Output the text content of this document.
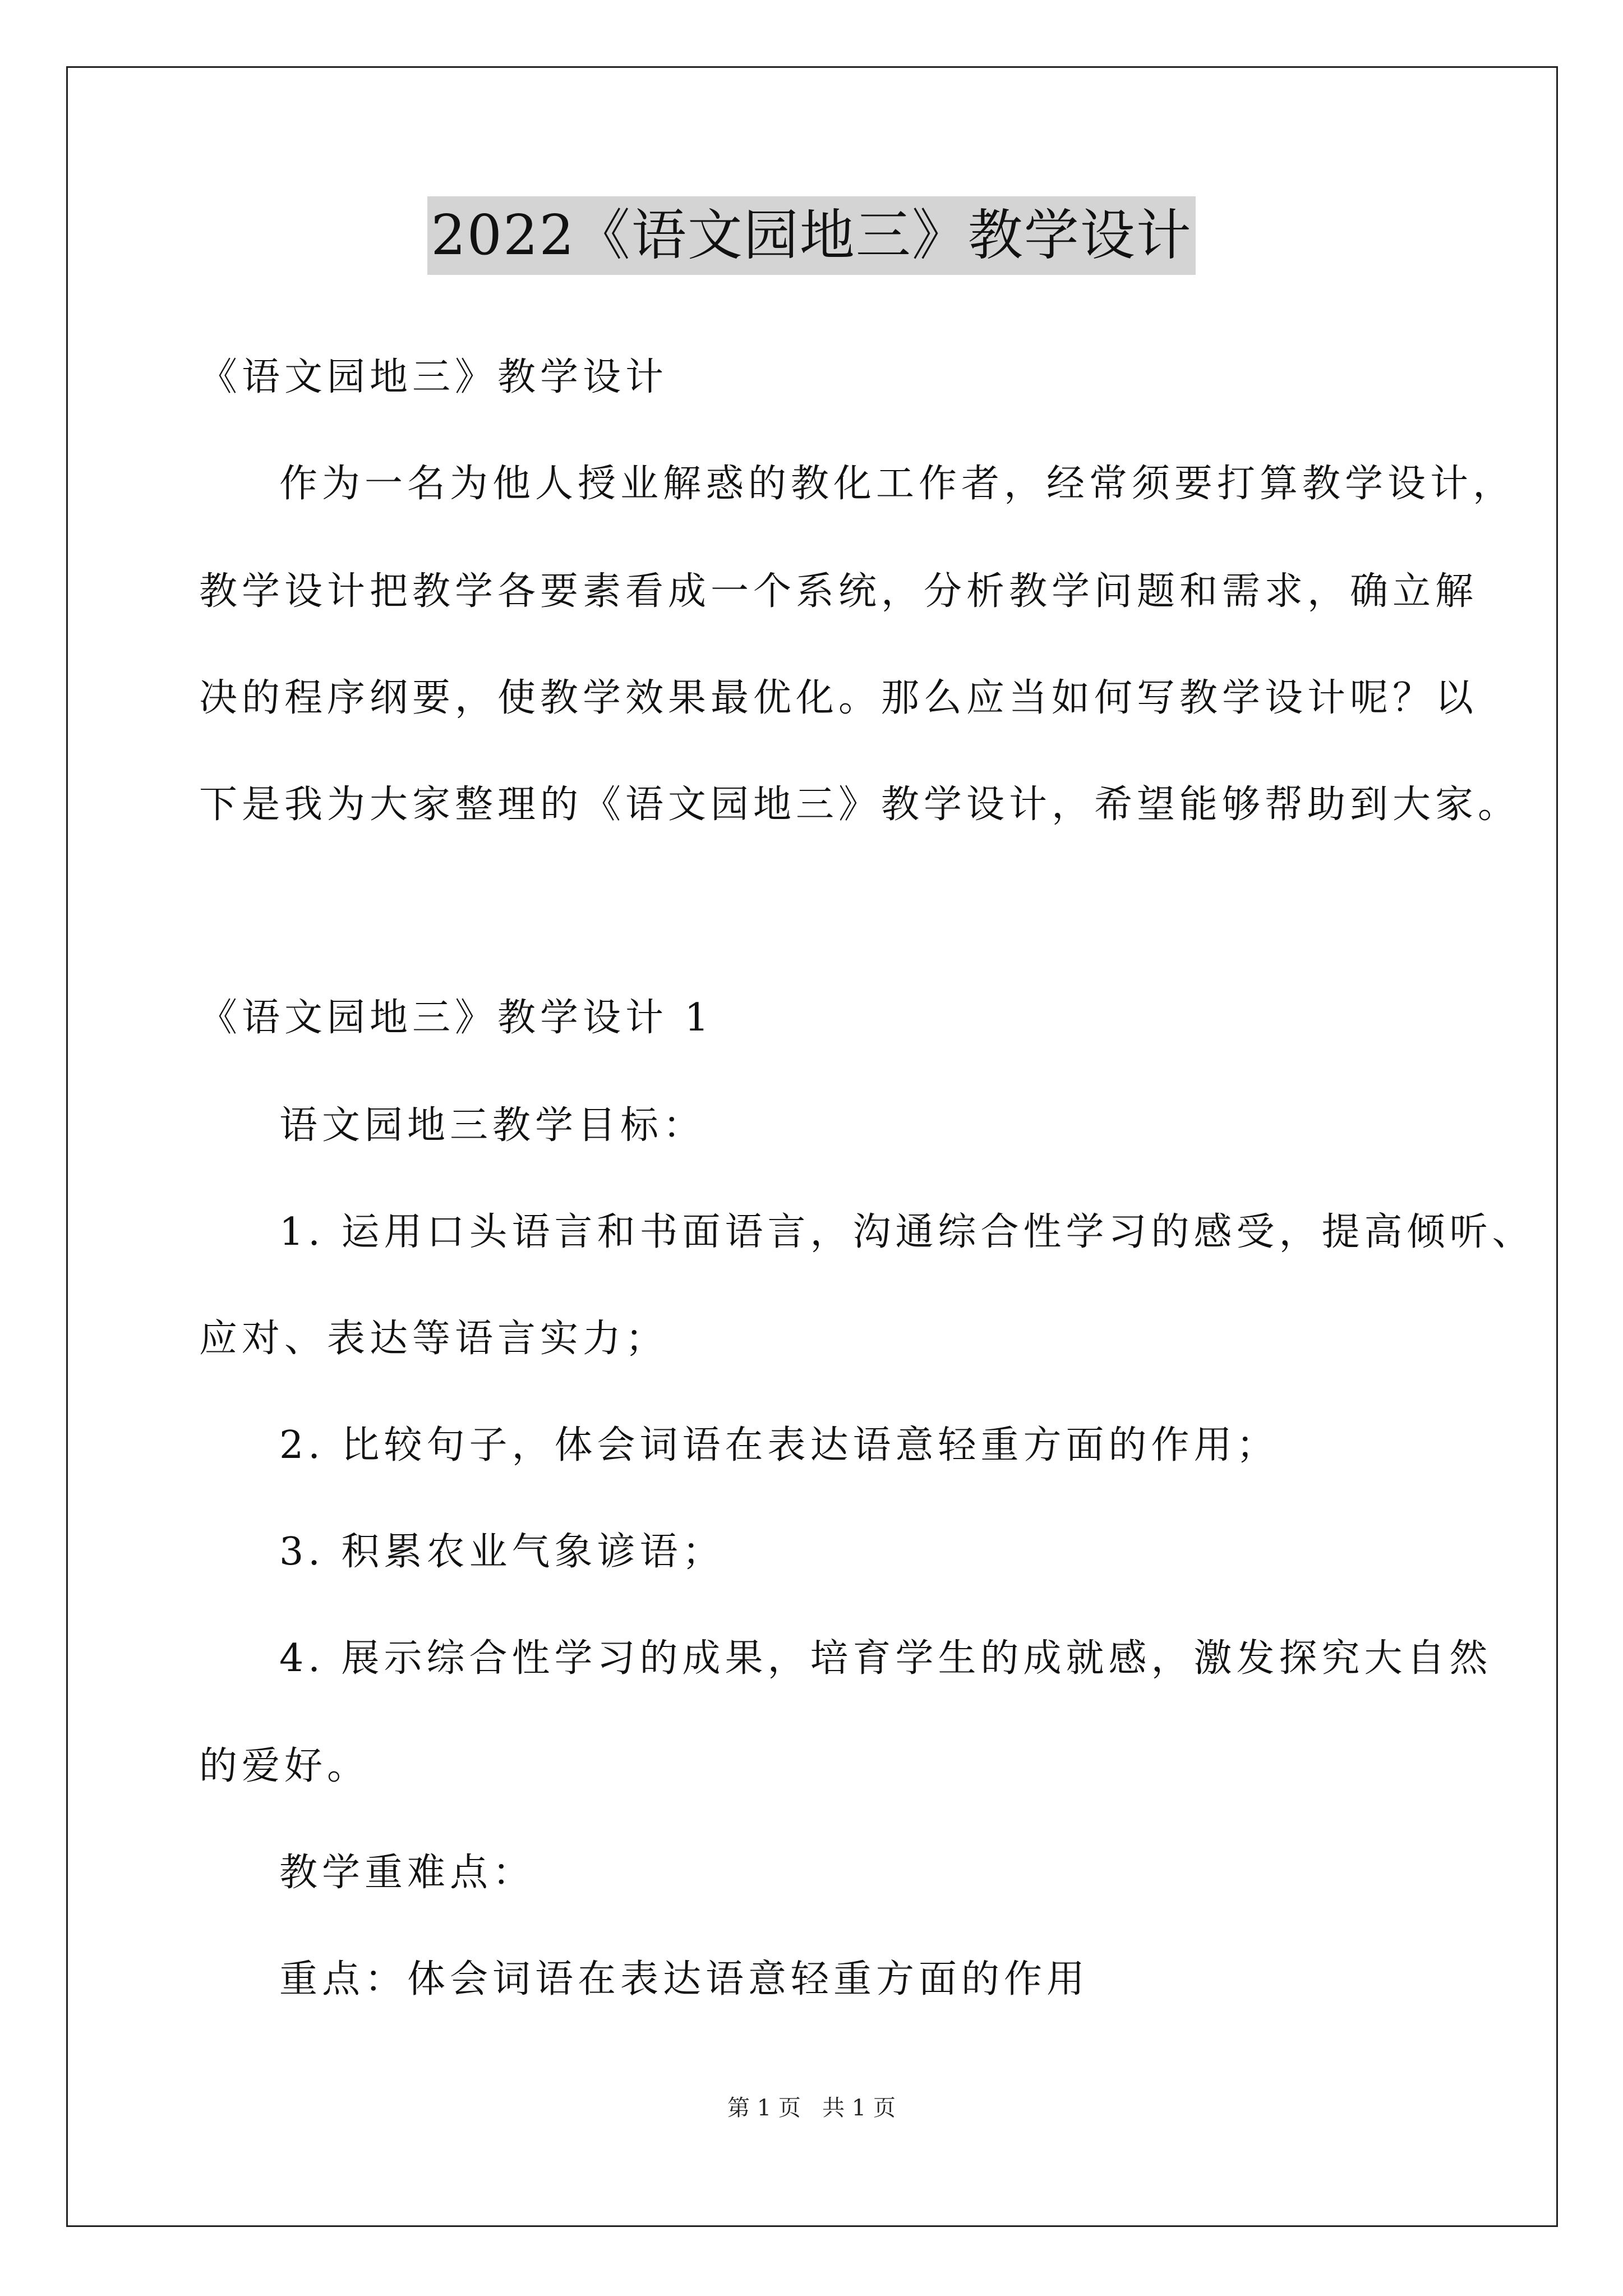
2022《语文园地三》教学设计
《语文园地三》教学设计
作为一名为他人授业解惑的教化工作者，经常须要打算教学设计，
教学设计把教学各要素看成一个系统，分析教学问题和需求，确立解
决的程序纲要，使教学效果最优化。那么应当如何写教学设计呢？以
下是我为大家整理的《语文园地三》教学设计，希望能够帮助到大家。
《语文园地三》教学设计 1
语文园地三教学目标：
1. 运用口头语言和书面语言，沟通综合性学习的感受，提高倾听、
应对、表达等语言实力；
2. 比较句子，体会词语在表达语意轻重方面的作用；
3. 积累农业气象谚语；
4. 展示综合性学习的成果，培育学生的成就感，激发探究大自然
的爱好。
教学重难点：
重点：体会词语在表达语意轻重方面的作用
第 1 页   共 1 页
